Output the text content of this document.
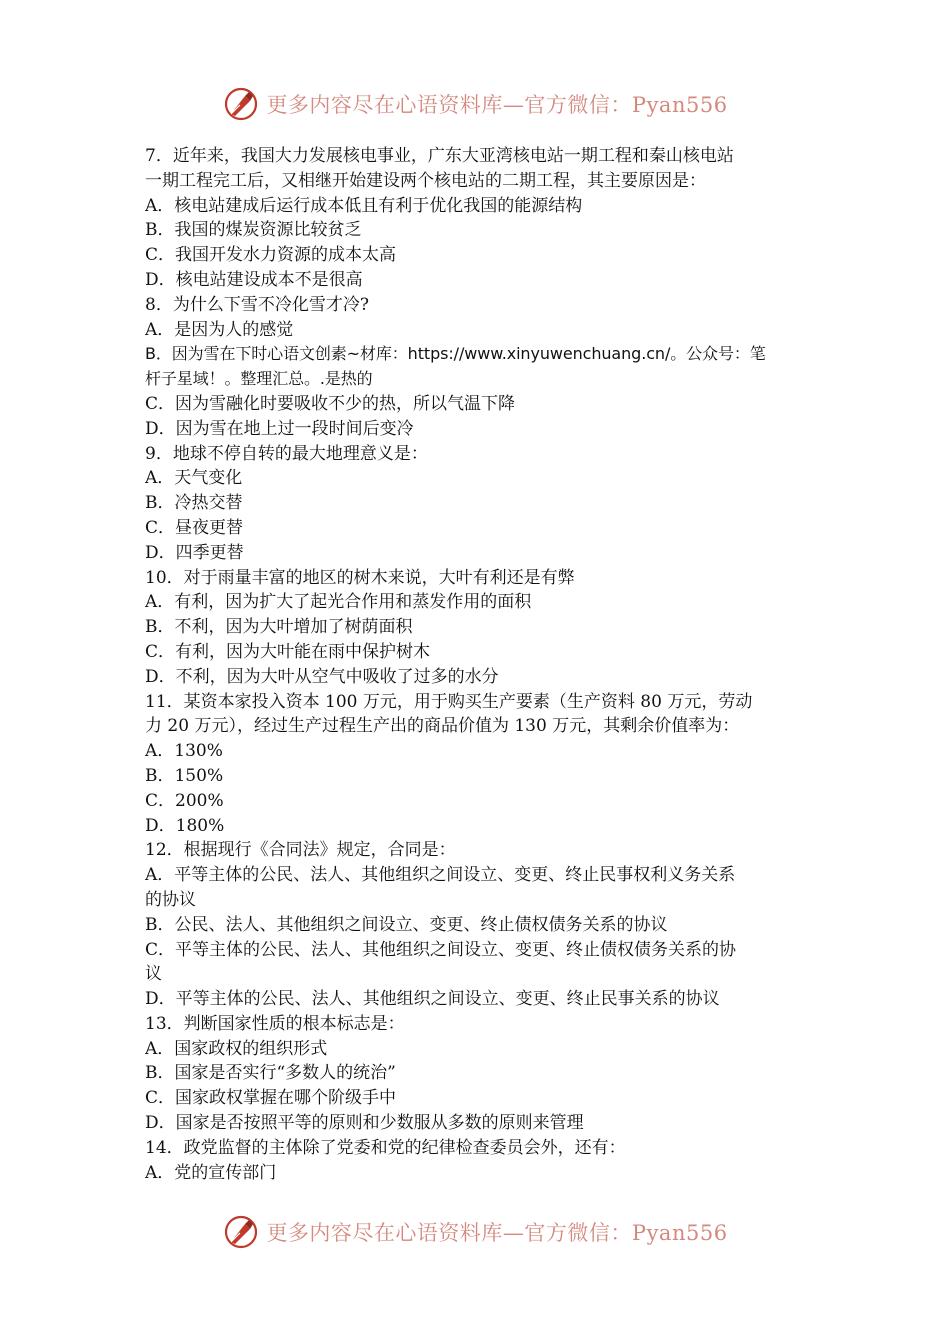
更多内容尽在心语资料库—官方微信：Pyan556
7．近年来，我国大力发展核电事业，广东大亚湾核电站一期工程和秦山核电站
一期工程完工后，又相继开始建设两个核电站的二期工程，其主要原因是：
A．核电站建成后运行成本低且有利于优化我国的能源结构
B．我国的煤炭资源比较贫乏
C．我国开发水力资源的成本太高
D．核电站建设成本不是很高
8．为什么下雪不冷化雪才冷?
A．是因为人的感觉
B．因为雪在下时心语文创素~材库：https://www.xinyuwenchuang.cn/。公众号：笔
杆子星域！。整理汇总。.是热的
C．因为雪融化时要吸收不少的热，所以气温下降
D．因为雪在地上过一段时间后变冷
9．地球不停自转的最大地理意义是：
A．天气变化
B．冷热交替
C．昼夜更替
D．四季更替
10．对于雨量丰富的地区的树木来说，大叶有利还是有弊
A．有利，因为扩大了起光合作用和蒸发作用的面积
B．不利，因为大叶增加了树荫面积
C．有利，因为大叶能在雨中保护树木
D．不利，因为大叶从空气中吸收了过多的水分
11．某资本家投入资本 100 万元，用于购买生产要素（生产资料 80 万元，劳动
力 20 万元），经过生产过程生产出的商品价值为 130 万元，其剩余价值率为：
A．130%
B．150%
C．200%
D．180%
12．根据现行《合同法》规定，合同是：
A．平等主体的公民、法人、其他组织之间设立、变更、终止民事权利义务关系
的协议
B．公民、法人、其他组织之间设立、变更、终止债权债务关系的协议
C．平等主体的公民、法人、其他组织之间设立、变更、终止债权债务关系的协
议
D．平等主体的公民、法人、其他组织之间设立、变更、终止民事关系的协议
13．判断国家性质的根本标志是：
A．国家政权的组织形式
B．国家是否实行“多数人的统治”
C．国家政权掌握在哪个阶级手中
D．国家是否按照平等的原则和少数服从多数的原则来管理
14．政党监督的主体除了党委和党的纪律检查委员会外，还有：
A．党的宣传部门
更多内容尽在心语资料库—官方微信：Pyan556
